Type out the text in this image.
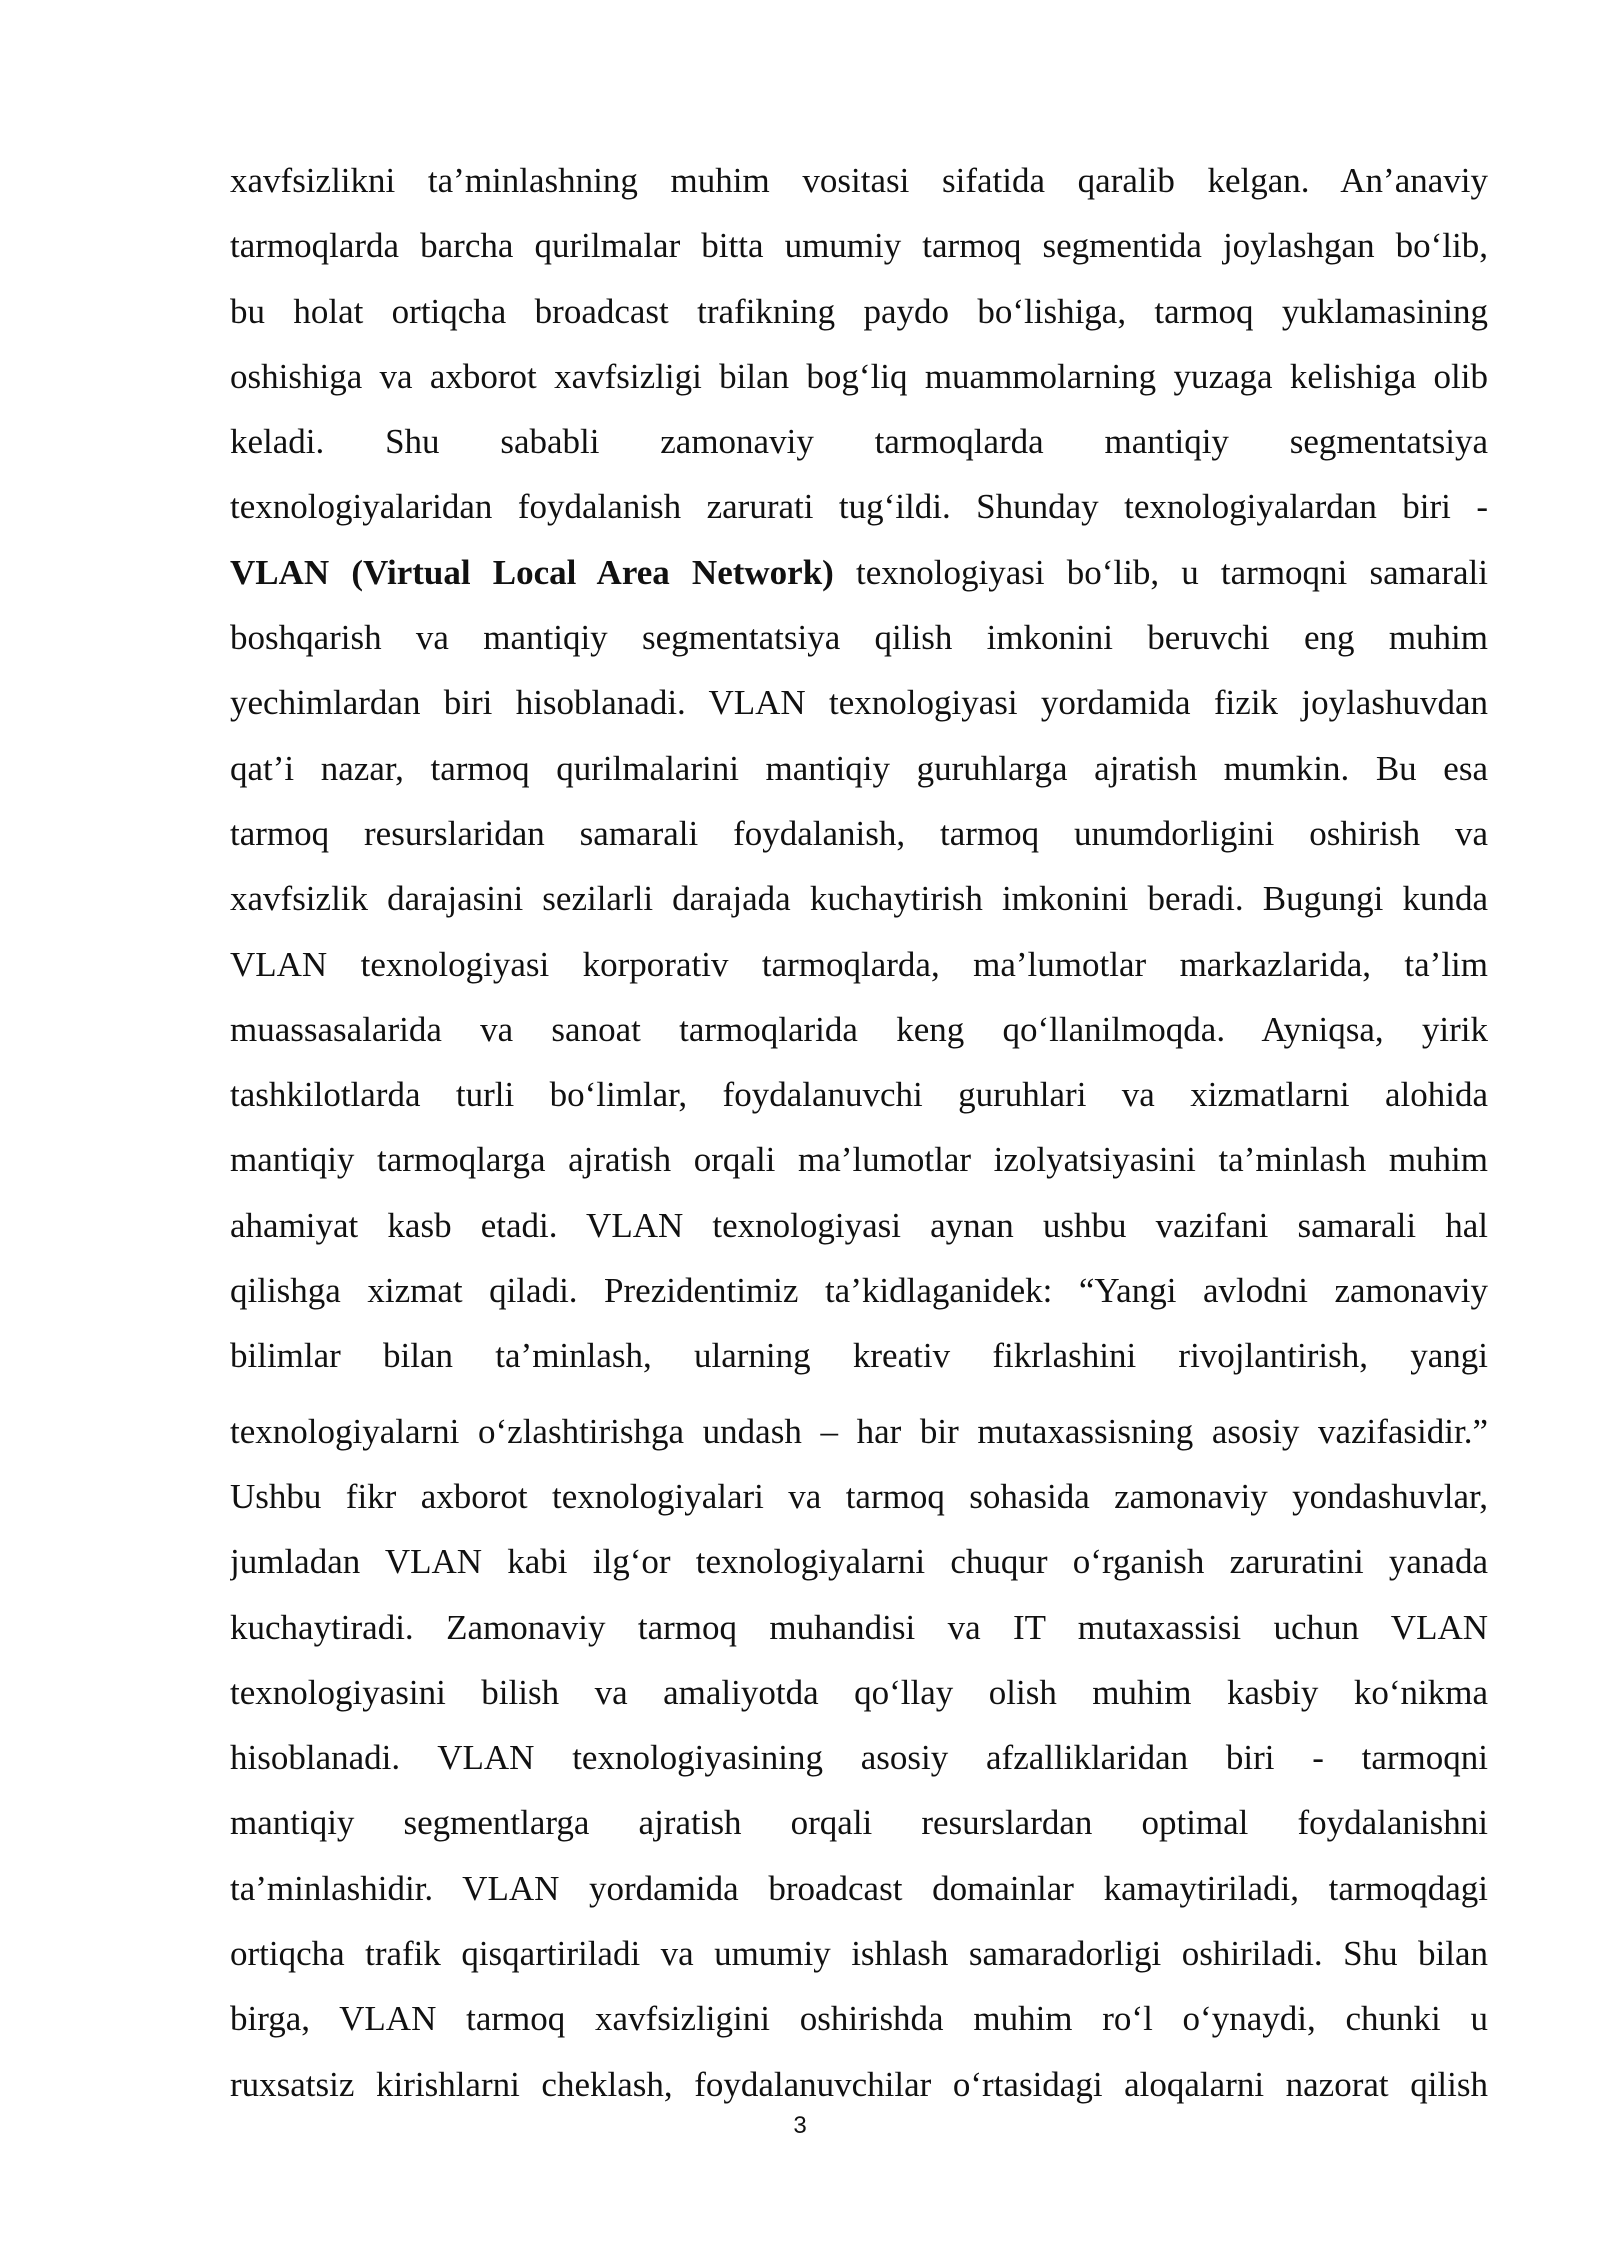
xavfsizlikni ta’minlashning muhim vositasi sifatida qaralib kelgan. An’anaviy
tarmoqlarda barcha qurilmalar bitta umumiy tarmoq segmentida joylashgan bo‘lib,
bu holat ortiqcha broadcast trafikning paydo bo‘lishiga, tarmoq yuklamasining
oshishiga va axborot xavfsizligi bilan bog‘liq muammolarning yuzaga kelishiga olib
keladi. Shu sababli zamonaviy tarmoqlarda mantiqiy segmentatsiya
texnologiyalaridan foydalanish zarurati tug‘ildi. Shunday texnologiyalardan biri -
VLAN (Virtual Local Area Network) texnologiyasi bo‘lib, u tarmoqni samarali
boshqarish va mantiqiy segmentatsiya qilish imkonini beruvchi eng muhim
yechimlardan biri hisoblanadi. VLAN texnologiyasi yordamida fizik joylashuvdan
qat’i nazar, tarmoq qurilmalarini mantiqiy guruhlarga ajratish mumkin. Bu esa
tarmoq resurslaridan samarali foydalanish, tarmoq unumdorligini oshirish va
xavfsizlik darajasini sezilarli darajada kuchaytirish imkonini beradi. Bugungi kunda
VLAN texnologiyasi korporativ tarmoqlarda, ma’lumotlar markazlarida, ta’lim
muassasalarida va sanoat tarmoqlarida keng qo‘llanilmoqda. Ayniqsa, yirik
tashkilotlarda turli bo‘limlar, foydalanuvchi guruhlari va xizmatlarni alohida
mantiqiy tarmoqlarga ajratish orqali ma’lumotlar izolyatsiyasini ta’minlash muhim
ahamiyat kasb etadi. VLAN texnologiyasi aynan ushbu vazifani samarali hal
qilishga xizmat qiladi. Prezidentimiz ta’kidlaganidek: “Yangi avlodni zamonaviy
bilimlar bilan ta’minlash, ularning kreativ fikrlashini rivojlantirish, yangi
texnologiyalarni o‘zlashtirishga undash – har bir mutaxassisning asosiy vazifasidir.”
Ushbu fikr axborot texnologiyalari va tarmoq sohasida zamonaviy yondashuvlar,
jumladan VLAN kabi ilg‘or texnologiyalarni chuqur o‘rganish zaruratini yanada
kuchaytiradi. Zamonaviy tarmoq muhandisi va IT mutaxassisi uchun VLAN
texnologiyasini bilish va amaliyotda qo‘llay olish muhim kasbiy ko‘nikma
hisoblanadi. VLAN texnologiyasining asosiy afzalliklaridan biri - tarmoqni
mantiqiy segmentlarga ajratish orqali resurslardan optimal foydalanishni
ta’minlashidir. VLAN yordamida broadcast domainlar kamaytiriladi, tarmoqdagi
ortiqcha trafik qisqartiriladi va umumiy ishlash samaradorligi oshiriladi. Shu bilan
birga, VLAN tarmoq xavfsizligini oshirishda muhim ro‘l o‘ynaydi, chunki u
ruxsatsiz kirishlarni cheklash, foydalanuvchilar o‘rtasidagi aloqalarni nazorat qilish
3
